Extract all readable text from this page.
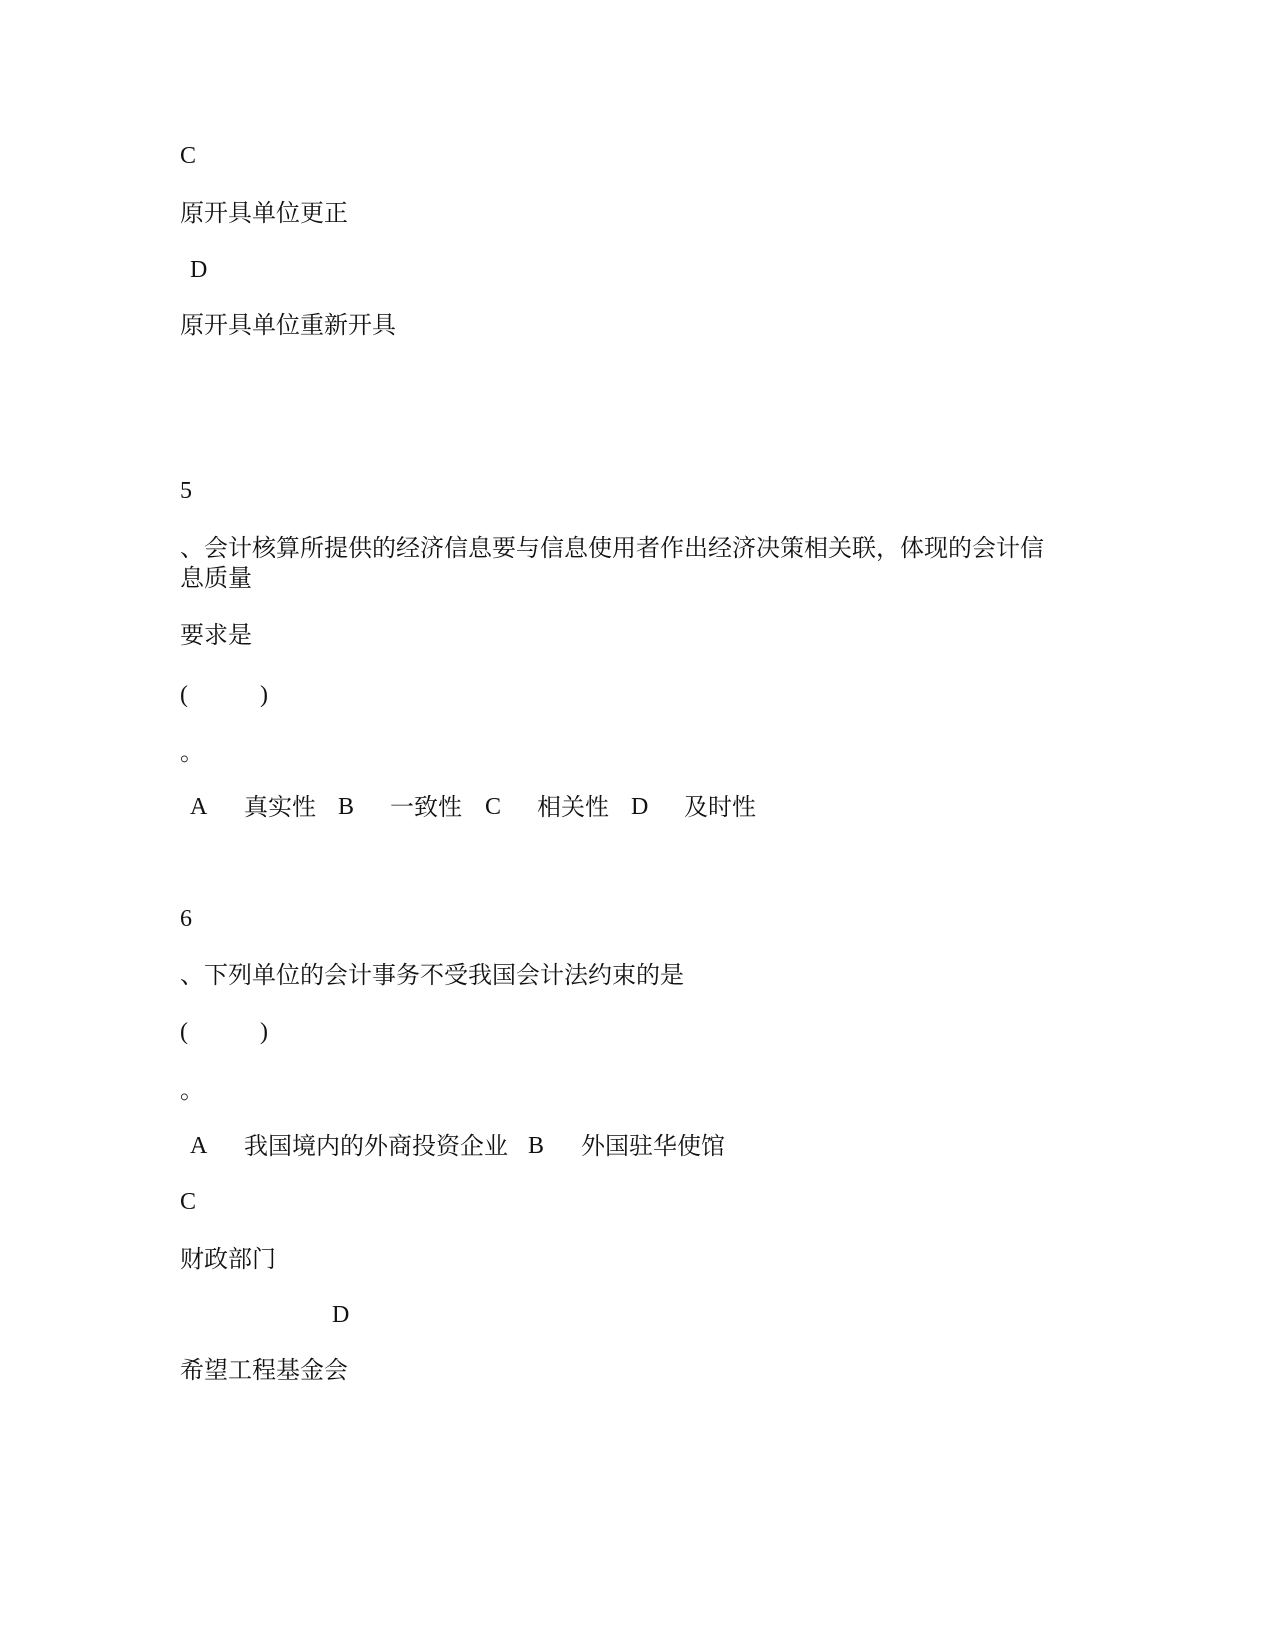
C
原开具单位更正
D
原开具单位重新开具
5
、会计核算所提供的经济信息要与信息使用者作出经济决策相关联，体现的会计信
息质量
要求是
(　　　)
。
A 真实性 B 一致性 C 相关性 D 及时性
6
、下列单位的会计事务不受我国会计法约束的是
(　　　)
。
A 我国境内的外商投资企业 B 外国驻华使馆
C
财政部门
D
希望工程基金会
